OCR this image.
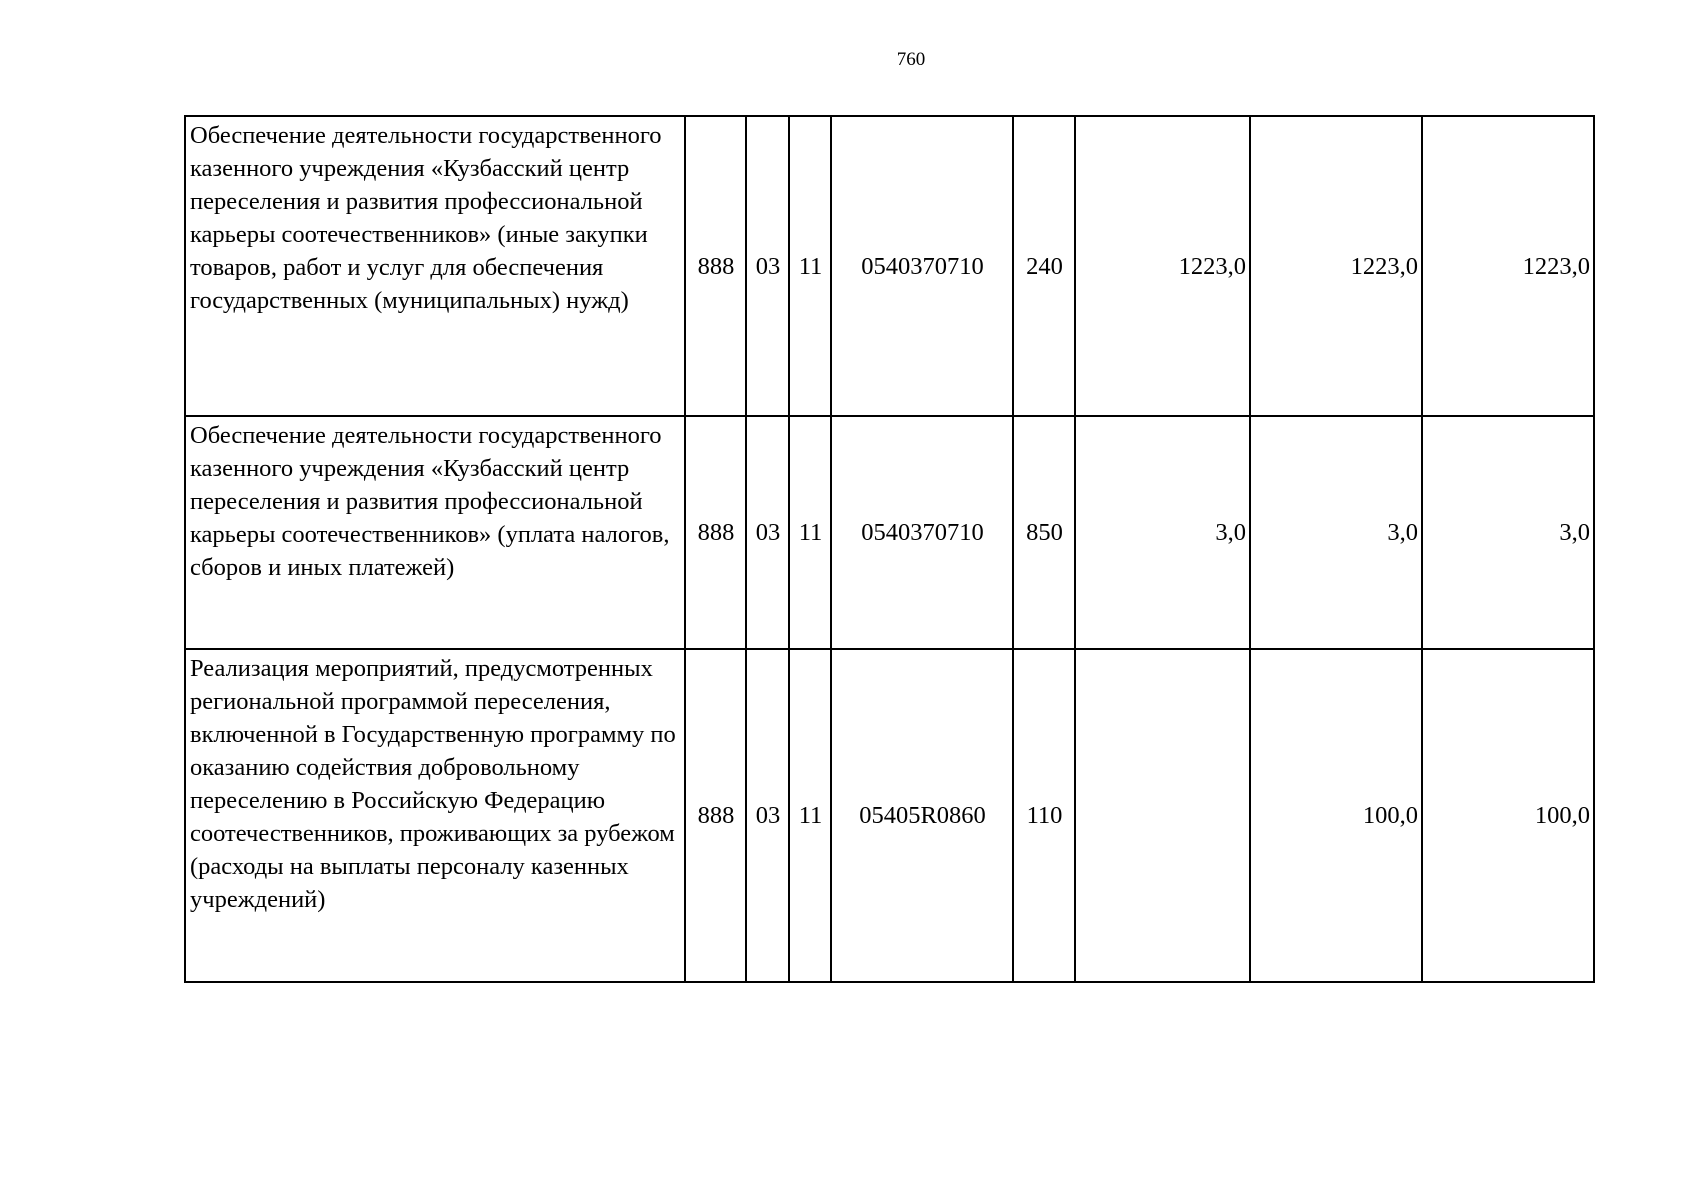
760
Обеспечение деятельности государственного казенного учреждения «Кузбасский центр переселения и развития профессиональной карьеры соотечественников» (иные закупки товаров, работ и услуг для обеспечения государственных (муниципальных) нужд)	888	03	11	0540370710	240	1223,0	1223,0	1223,0
Обеспечение деятельности государственного казенного учреждения «Кузбасский центр переселения и развития профессиональной карьеры соотечественников» (уплата налогов, сборов и иных платежей)	888	03	11	0540370710	850	3,0	3,0	3,0
Реализация мероприятий, предусмотренных региональной программой переселения, включенной в Государственную программу по оказанию содействия добровольному переселению в Российскую Федерацию соотечественников, проживающих за рубежом (расходы на выплаты персоналу казенных учреждений)	888	03	11	05405R0860	110		100,0	100,0
